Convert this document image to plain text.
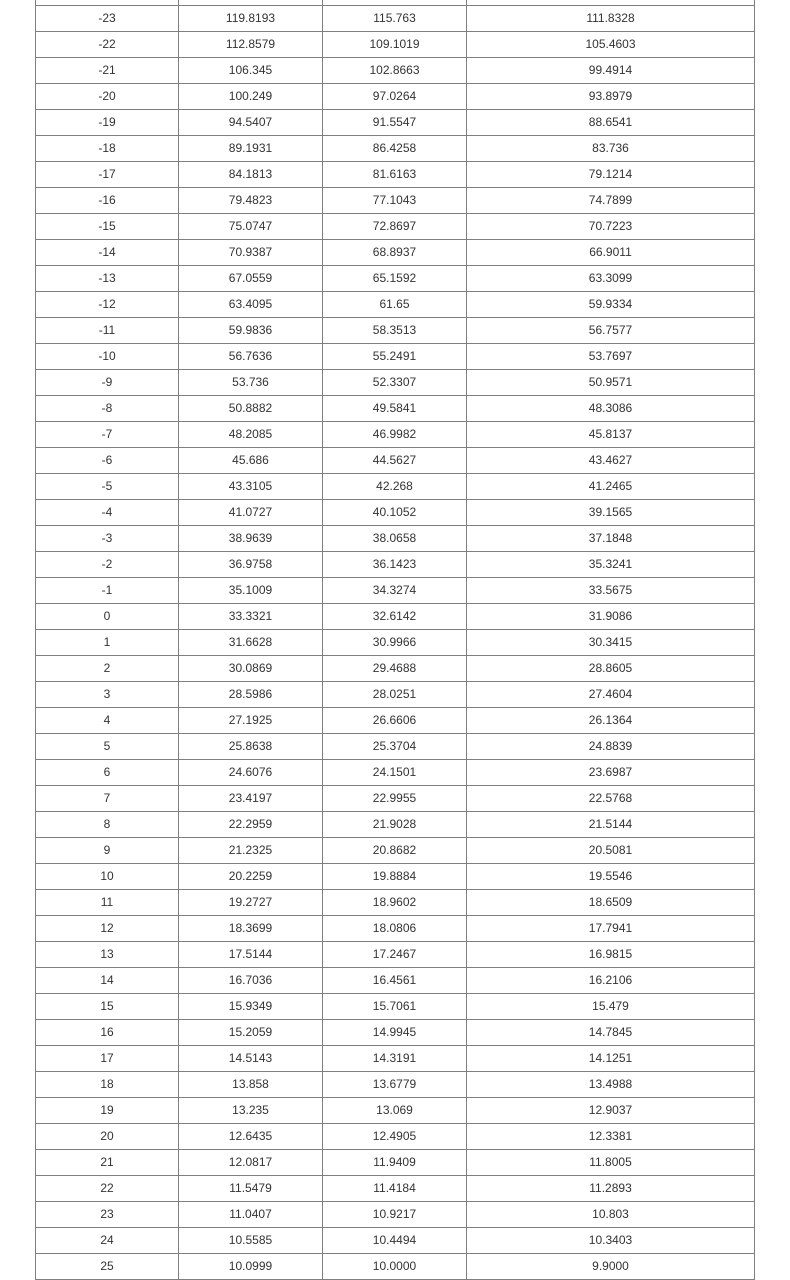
-23	119.8193	115.763	111.8328
-22	112.8579	109.1019	105.4603
-21	106.345	102.8663	99.4914
-20	100.249	97.0264	93.8979
-19	94.5407	91.5547	88.6541
-18	89.1931	86.4258	83.736
-17	84.1813	81.6163	79.1214
-16	79.4823	77.1043	74.7899
-15	75.0747	72.8697	70.7223
-14	70.9387	68.8937	66.9011
-13	67.0559	65.1592	63.3099
-12	63.4095	61.65	59.9334
-11	59.9836	58.3513	56.7577
-10	56.7636	55.2491	53.7697
-9	53.736	52.3307	50.9571
-8	50.8882	49.5841	48.3086
-7	48.2085	46.9982	45.8137
-6	45.686	44.5627	43.4627
-5	43.3105	42.268	41.2465
-4	41.0727	40.1052	39.1565
-3	38.9639	38.0658	37.1848
-2	36.9758	36.1423	35.3241
-1	35.1009	34.3274	33.5675
0	33.3321	32.6142	31.9086
1	31.6628	30.9966	30.3415
2	30.0869	29.4688	28.8605
3	28.5986	28.0251	27.4604
4	27.1925	26.6606	26.1364
5	25.8638	25.3704	24.8839
6	24.6076	24.1501	23.6987
7	23.4197	22.9955	22.5768
8	22.2959	21.9028	21.5144
9	21.2325	20.8682	20.5081
10	20.2259	19.8884	19.5546
11	19.2727	18.9602	18.6509
12	18.3699	18.0806	17.7941
13	17.5144	17.2467	16.9815
14	16.7036	16.4561	16.2106
15	15.9349	15.7061	15.479
16	15.2059	14.9945	14.7845
17	14.5143	14.3191	14.1251
18	13.858	13.6779	13.4988
19	13.235	13.069	12.9037
20	12.6435	12.4905	12.3381
21	12.0817	11.9409	11.8005
22	11.5479	11.4184	11.2893
23	11.0407	10.9217	10.803
24	10.5585	10.4494	10.3403
25	10.0999	10.0000	9.9000
